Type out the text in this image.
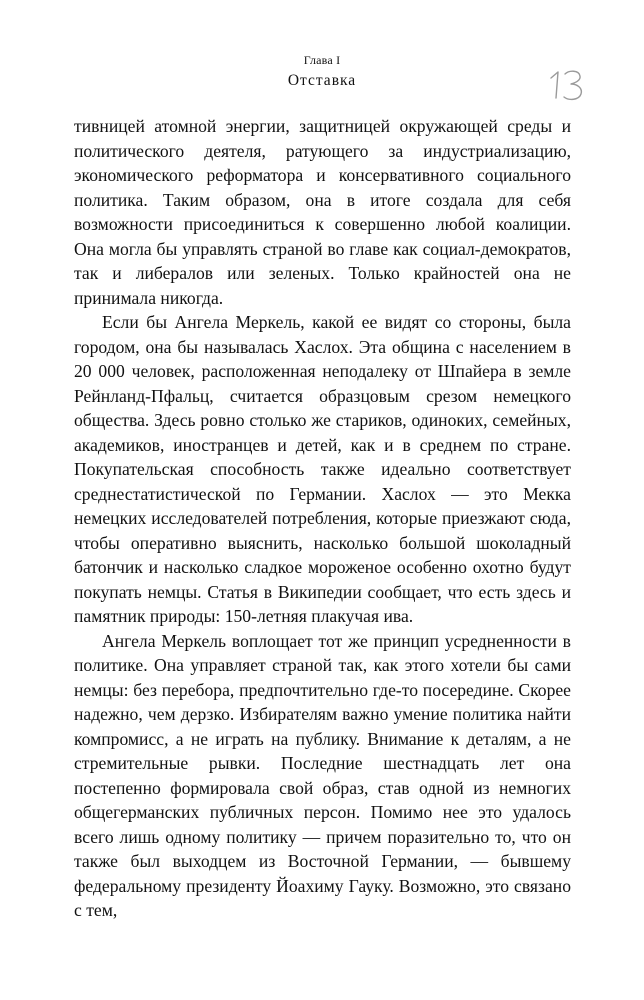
Глава I
Отставка

тивницей атомной энергии, защитницей окружающей среды и политического деятеля, ратующего за индустриализацию, экономического реформатора и консервативного социального политика. Таким образом, она в итоге создала для себя возможности присоединиться к совершенно любой коалиции. Она могла бы управлять страной во главе как социал-демократов, так и либералов или зеленых. Только крайностей она не принимала никогда.

Если бы Ангела Меркель, какой ее видят со стороны, была городом, она бы называлась Хаслох. Эта община с населением в 20 000 человек, расположенная неподалеку от Шпайера в земле Рейнланд-Пфальц, считается образцовым срезом немецкого общества. Здесь ровно столько же стариков, одиноких, семейных, академиков, иностранцев и детей, как и в среднем по стране. Покупательская способность также идеально соответствует среднестатистической по Германии. Хаслох — это Мекка немецких исследователей потребления, которые приезжают сюда, чтобы оперативно выяснить, насколько большой шоколадный батончик и насколько сладкое мороженое особенно охотно будут покупать немцы. Статья в Википедии сообщает, что есть здесь и памятник природы: 150-летняя плакучая ива.

Ангела Меркель воплощает тот же принцип усредненности в политике. Она управляет страной так, как этого хотели бы сами немцы: без перебора, предпочтительно где-то посередине. Скорее надежно, чем дерзко. Избирателям важно умение политика найти компромисс, а не играть на публику. Внимание к деталям, а не стремительные рывки. Последние шестнадцать лет она постепенно формировала свой образ, став одной из немногих общегерманских публичных персон. Помимо нее это удалось всего лишь одному политику — причем поразительно то, что он также был выходцем из Восточной Германии, — бывшему федеральному президенту Йоахиму Гауку. Возможно, это связано с тем,
